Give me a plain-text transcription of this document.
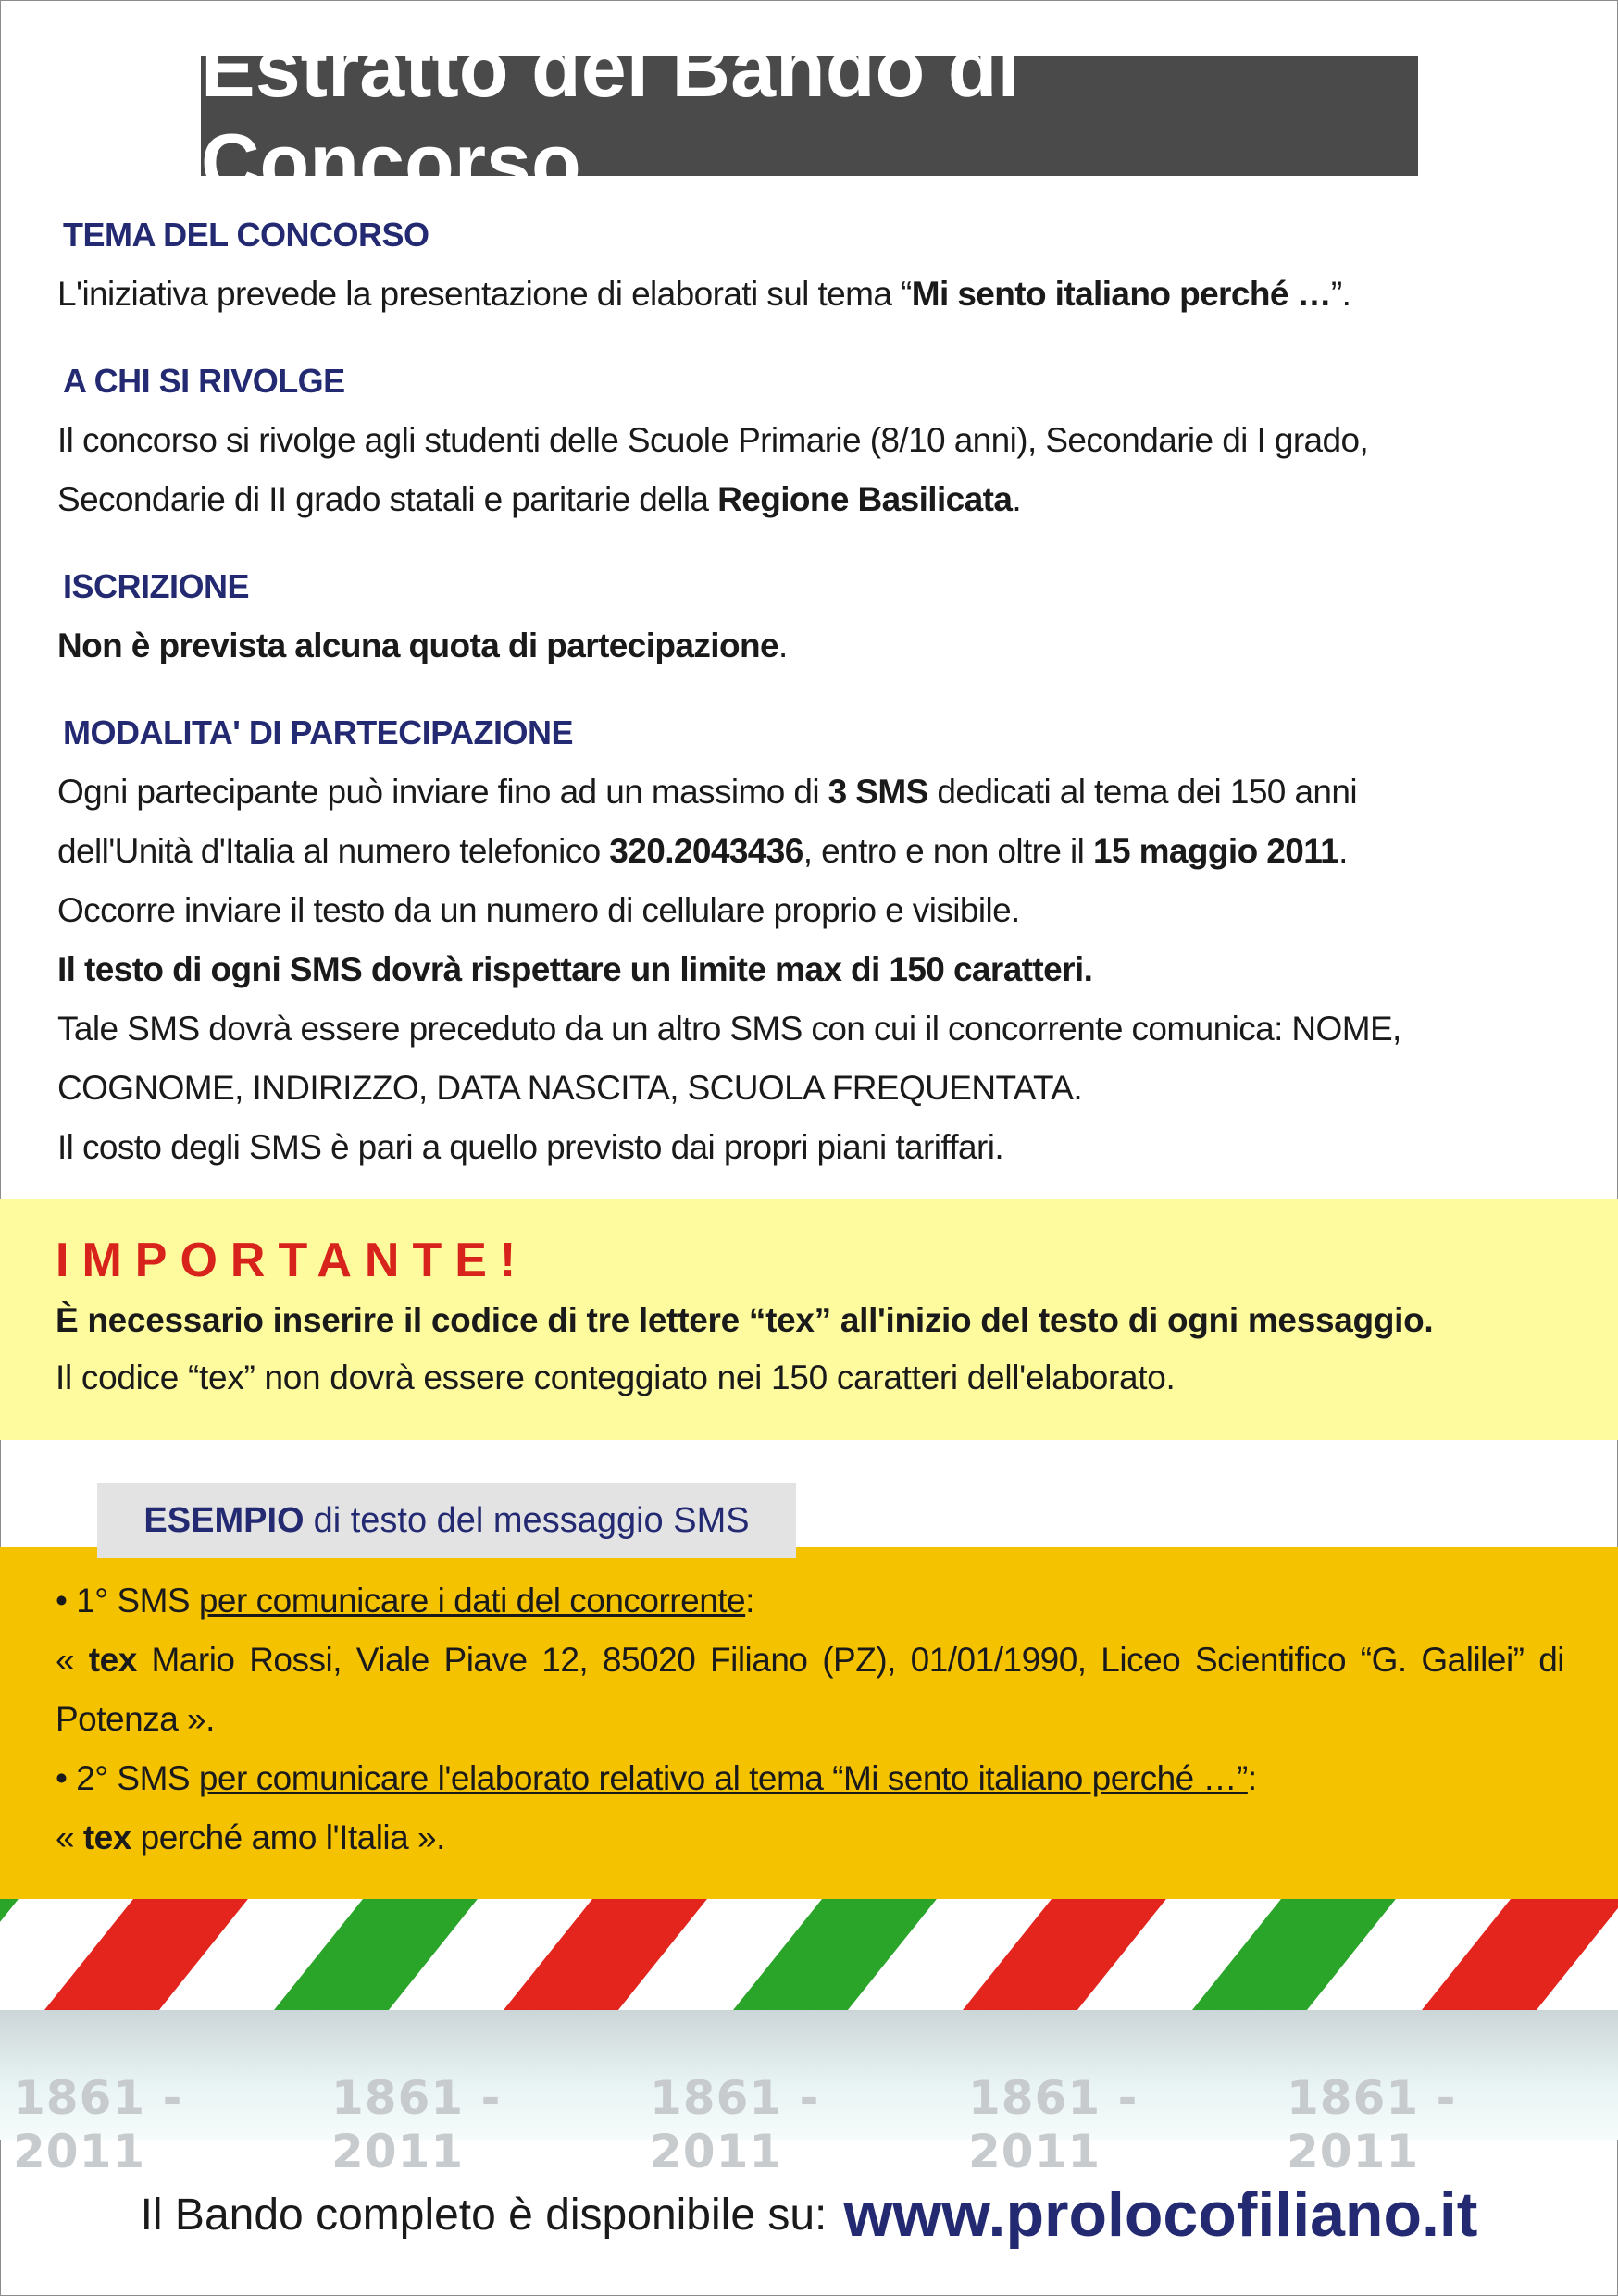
Estratto del Bando di Concorso
TEMA DEL CONCORSO

L'iniziativa prevede la presentazione di elaborati sul tema “Mi sento italiano perché …”.

A CHI SI RIVOLGE

Il concorso si rivolge agli studenti delle Scuole Primarie (8/10 anni), Secondarie di I grado,

Secondarie di II grado statali e paritarie della Regione Basilicata.

ISCRIZIONE

Non è prevista alcuna quota di partecipazione.

MODALITA' DI PARTECIPAZIONE

Ogni partecipante può inviare fino ad un massimo di 3 SMS dedicati al tema dei 150 anni

dell'Unità d'Italia al numero telefonico 320.2043436, entro e non oltre il 15 maggio 2011.

Occorre inviare il testo da un numero di cellulare proprio e visibile.

Il testo di ogni SMS dovrà rispettare un limite max di 150 caratteri.

Tale SMS dovrà essere preceduto da un altro SMS con cui il concorrente comunica: NOME,

COGNOME, INDIRIZZO, DATA NASCITA, SCUOLA FREQUENTATA.

Il costo degli SMS è pari a quello previsto dai propri piani tariffari.

IMPORTANTE!
È necessario inserire il codice di tre lettere “tex” all'inizio del testo di ogni messaggio.
Il codice “tex” non dovrà essere conteggiato nei 150 caratteri dell'elaborato.

• 1° SMS per comunicare i dati del concorrente:

« tex Mario Rossi, Viale Piave 12, 85020 Filiano (PZ), 01/01/1990, Liceo Scientifico “G. Galilei” di Potenza ».

• 2° SMS per comunicare l'elaborato relativo al tema “Mi sento italiano perché …”:

« tex perché amo l'Italia ».

ESEMPIO di testo del messaggio SMS
1861 - 2011
1861 - 2011
1861 - 2011
1861 - 2011
1861 - 2011
Il Bando completo è disponibile su: www.prolocofiliano.it
